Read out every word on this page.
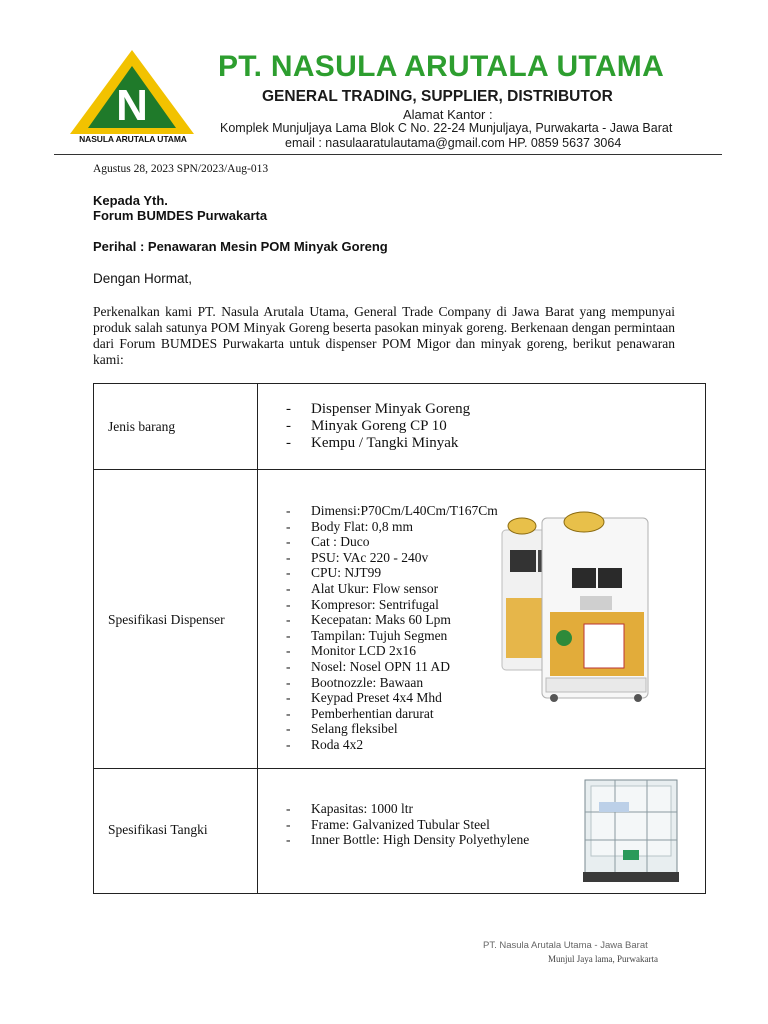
N
NASULA ARUTALA UTAMA
PT. NASULA ARUTALA UTAMA
GENERAL TRADING, SUPPLIER, DISTRIBUTOR
Alamat Kantor :
Komplek Munjuljaya Lama Blok C No. 22-24 Munjuljaya, Purwakarta - Jawa Barat
email : nasulaaratulautama@gmail.com HP. 0859 5637 3064
Agustus 28, 2023 SPN/2023/Aug-013
Kepada Yth.
Forum BUMDES Purwakarta
Perihal : Penawaran Mesin POM Minyak Goreng
Dengan Hormat,
Perkenalkan kami PT. Nasula Arutala Utama, General Trade Company di Jawa Barat yang mempunyai produk salah satunya POM Minyak Goreng beserta pasokan minyak goreng. Berkenaan dengan permintaan dari Forum BUMDES Purwakarta untuk dispenser POM Migor dan minyak goreng, berikut penawaran kami:
Jenis barang
- Dispenser Minyak Goreng
- Minyak Goreng CP 10
- Kempu / Tangki Minyak
Spesifikasi Dispenser
- Dimensi:P70Cm/L40Cm/T167Cm
- Body Flat: 0,8 mm
- Cat : Duco
- PSU: VAc 220 - 240v
- CPU: NJT99
- Alat Ukur: Flow sensor
- Kompresor: Sentrifugal
- Kecepatan: Maks 60 Lpm
- Tampilan: Tujuh Segmen
- Monitor LCD 2x16
- Nosel: Nosel OPN 11 AD
- Bootnozzle: Bawaan
- Keypad Preset 4x4 Mhd
- Pemberhentian darurat
- Selang fleksibel
- Roda 4x2
Spesifikasi Tangki
- Kapasitas: 1000 ltr
- Frame: Galvanized Tubular Steel
- Inner Bottle: High Density Polyethylene
PT. Nasula Arutala Utama - Jawa Barat
Munjul Jaya lama, Purwakarta
